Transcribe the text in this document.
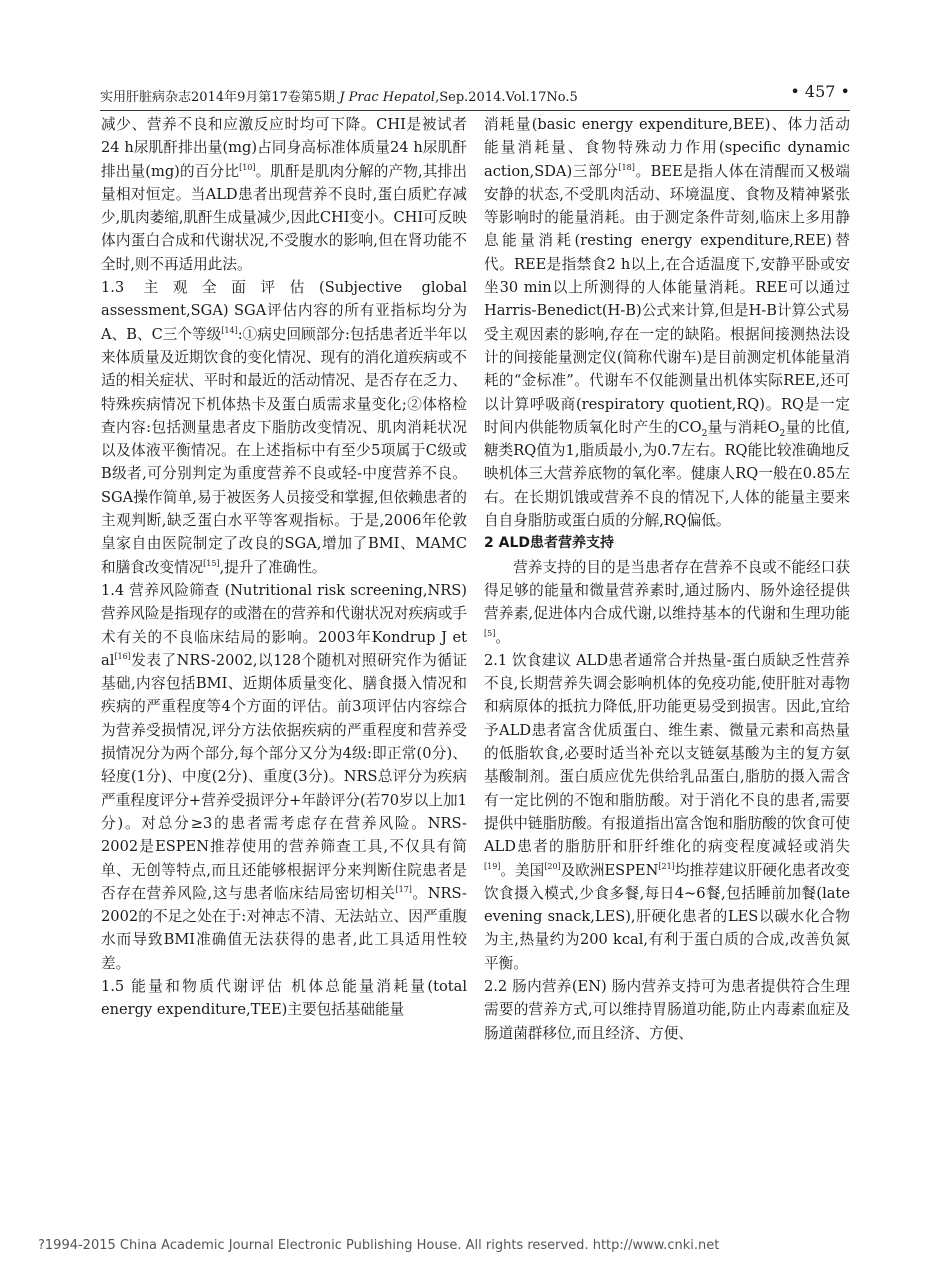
实用肝脏病杂志2014年9月第17卷第5期 J Prac Hepatol,Sep.2014.Vol.17No.5	• 457 •

减少、营养不良和应激反应时均可下降。CHI是被试者24 h尿肌酐排出量(mg)占同身高标准体质量24 h尿肌酐排出量(mg)的百分比[10]。肌酐是肌肉分解的产物,其排出量相对恒定。当ALD患者出现营养不良时,蛋白质贮存减少,肌肉萎缩,肌酐生成量减少,因此CHI变小。CHI可反映体内蛋白合成和代谢状况,不受腹水的影响,但在肾功能不全时,则不再适用此法。

1.3 主观全面评估(Subjective global assessment,SGA) SGA评估内容的所有亚指标均分为A、B、C三个等级[14]:①病史回顾部分:包括患者近半年以来体质量及近期饮食的变化情况、现有的消化道疾病或不适的相关症状、平时和最近的活动情况、是否存在乏力、特殊疾病情况下机体热卡及蛋白质需求量变化;②体格检查内容:包括测量患者皮下脂肪改变情况、肌肉消耗状况以及体液平衡情况。在上述指标中有至少5项属于C级或B级者,可分别判定为重度营养不良或轻-中度营养不良。SGA操作简单,易于被医务人员接受和掌握,但依赖患者的主观判断,缺乏蛋白水平等客观指标。于是,2006年伦敦皇家自由医院制定了改良的SGA,增加了BMI、MAMC和膳食改变情况[15],提升了准确性。

1.4 营养风险筛查 (Nutritional risk screening,NRS) 营养风险是指现存的或潜在的营养和代谢状况对疾病或手术有关的不良临床结局的影响。2003年Kondrup J et al[16]发表了NRS-2002,以128个随机对照研究作为循证基础,内容包括BMI、近期体质量变化、膳食摄入情况和疾病的严重程度等4个方面的评估。前3项评估内容综合为营养受损情况,评分方法依据疾病的严重程度和营养受损情况分为两个部分,每个部分又分为4级:即正常(0分)、轻度(1分)、中度(2分)、重度(3分)。NRS总评分为疾病严重程度评分+营养受损评分+年龄评分(若70岁以上加1分)。对总分≥3的患者需考虑存在营养风险。NRS-2002是ESPEN推荐使用的营养筛查工具,不仅具有简单、无创等特点,而且还能够根据评分来判断住院患者是否存在营养风险,这与患者临床结局密切相关[17]。NRS-2002的不足之处在于:对神志不清、无法站立、因严重腹水而导致BMI准确值无法获得的患者,此工具适用性较差。

1.5 能量和物质代谢评估 机体总能量消耗量(total energy expenditure,TEE)主要包括基础能量

消耗量(basic energy expenditure,BEE)、体力活动能量消耗量、食物特殊动力作用(specific dynamic action,SDA)三部分[18]。BEE是指人体在清醒而又极端安静的状态,不受肌肉活动、环境温度、食物及精神紧张等影响时的能量消耗。由于测定条件苛刻,临床上多用静息能量消耗(resting energy expenditure,REE)替代。REE是指禁食2 h以上,在合适温度下,安静平卧或安坐30 min以上所测得的人体能量消耗。REE可以通过Harris-Benedict(H-B)公式来计算,但是H-B计算公式易受主观因素的影响,存在一定的缺陷。根据间接测热法设计的间接能量测定仪(简称代谢车)是目前测定机体能量消耗的“金标准”。代谢车不仅能测量出机体实际REE,还可以计算呼吸商(respiratory quotient,RQ)。RQ是一定时间内供能物质氧化时产生的$CO_2$量与消耗$O_2$量的比值,糖类RQ值为1,脂质最小,为0.7左右。RQ能比较准确地反映机体三大营养底物的氧化率。健康人RQ一般在0.85左右。在长期饥饿或营养不良的情况下,人体的能量主要来自自身脂肪或蛋白质的分解,RQ偏低。

2 ALD患者营养支持

营养支持的目的是当患者存在营养不良或不能经口获得足够的能量和微量营养素时,通过肠内、肠外途径提供营养素,促进体内合成代谢,以维持基本的代谢和生理功能[5]。

2.1 饮食建议 ALD患者通常合并热量-蛋白质缺乏性营养不良,长期营养失调会影响机体的免疫功能,使肝脏对毒物和病原体的抵抗力降低,肝功能更易受到损害。因此,宜给予ALD患者富含优质蛋白、维生素、微量元素和高热量的低脂软食,必要时适当补充以支链氨基酸为主的复方氨基酸制剂。蛋白质应优先供给乳品蛋白,脂肪的摄入需含有一定比例的不饱和脂肪酸。对于消化不良的患者,需要提供中链脂肪酸。有报道指出富含饱和脂肪酸的饮食可使ALD患者的脂肪肝和肝纤维化的病变程度减轻或消失[19]。美国[20]及欧洲ESPEN[21]均推荐建议肝硬化患者改变饮食摄入模式,少食多餐,每日4~6餐,包括睡前加餐(late evening snack,LES),肝硬化患者的LES以碳水化合物为主,热量约为200 kcal,有利于蛋白质的合成,改善负氮平衡。

2.2 肠内营养(EN) 肠内营养支持可为患者提供符合生理需要的营养方式,可以维持胃肠道功能,防止内毒素血症及肠道菌群移位,而且经济、方便、

?1994-2015 China Academic Journal Electronic Publishing House. All rights reserved. http://www.cnki.net
